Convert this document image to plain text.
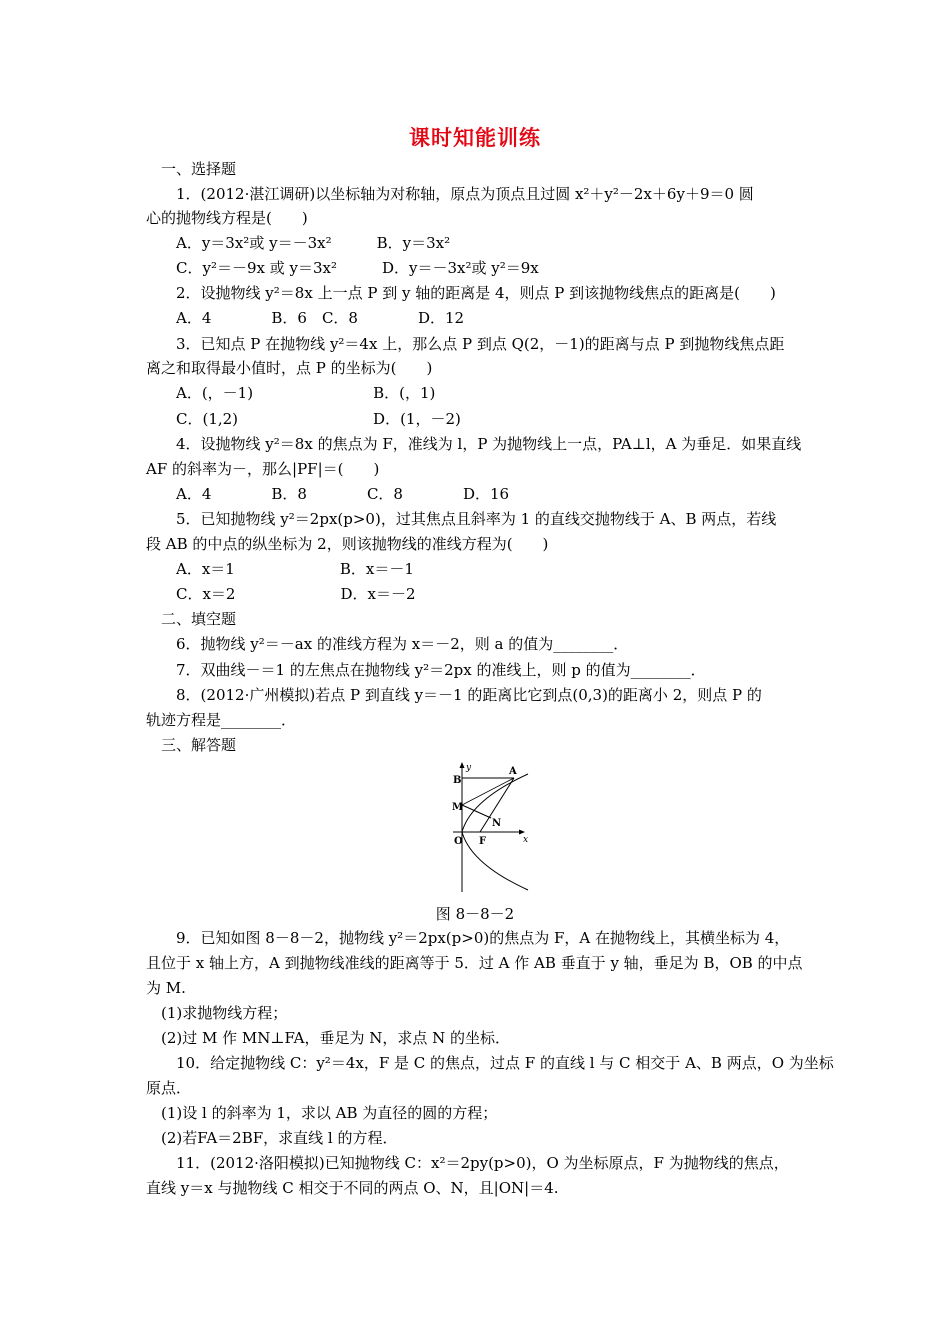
课时知能训练
　一、选择题
　　1．(2012·湛江调研)以坐标轴为对称轴，原点为顶点且过圆 x²＋y²－2x＋6y＋9＝0 圆
心的抛物线方程是(　　)
A．y＝3x²或 y＝－3x²　　　B．y＝3x²
C．y²＝－9x 或 y＝3x²　　　D．y＝－3x²或 y²＝9x
　　2．设抛物线 y²＝8x 上一点 P 到 y 轴的距离是 4，则点 P 到该抛物线焦点的距离是(　　)
A．4　　　　B．6　C．8　　　　D．12
　　3．已知点 P 在抛物线 y²＝4x 上，那么点 P 到点 Q(2，－1)的距离与点 P 到抛物线焦点距
离之和取得最小值时，点 P 的坐标为(　　)
A．(，－1)　　　　　　　　B．(，1)
C．(1,2)　　　　　　　　　D．(1，－2)
　　4．设抛物线 y²＝8x 的焦点为 F，准线为 l，P 为抛物线上一点，PA⊥l，A 为垂足．如果直线
AF 的斜率为－，那么|PF|＝(　　)
A．4　　　　B．8　　　　C．8　　　　D．16
　　5．已知抛物线 y²＝2px(p>0)，过其焦点且斜率为 1 的直线交抛物线于 A、B 两点，若线
段 AB 的中点的纵坐标为 2，则该抛物线的准线方程为(　　)
A．x＝1　　　　　　　B．x＝－1
C．x＝2　　　　　　　D．x＝－2
　二、填空题
　　6．抛物线 y²＝－ax 的准线方程为 x＝－2，则 a 的值为________．
　　7．双曲线－＝1 的左焦点在抛物线 y²＝2px 的准线上，则 p 的值为________．
　　8．(2012·广州模拟)若点 P 到直线 y＝－1 的距离比它到点(0,3)的距离小 2，则点 P 的
轨迹方程是________．
　三、解答题
　　9．已知如图 8－8－2，抛物线 y²＝2px(p>0)的焦点为 F，A 在抛物线上，其横坐标为 4，
且位于 x 轴上方，A 到抛物线准线的距离等于 5．过 A 作 AB 垂直于 y 轴，垂足为 B，OB 的中点
为 M.
　(1)求抛物线方程；
　(2)过 M 作 MN⊥FA，垂足为 N，求点 N 的坐标．
　　10．给定抛物线 C：y²＝4x，F 是 C 的焦点，过点 F 的直线 l 与 C 相交于 A、B 两点，O 为坐标
原点．
　(1)设 l 的斜率为 1，求以 AB 为直径的圆的方程；
　(2)若FA＝2BF，求直线 l 的方程．
　　11．(2012·洛阳模拟)已知抛物线 C：x²＝2py(p>0)，O 为坐标原点，F 为抛物线的焦点，
直线 y＝x 与抛物线 C 相交于不同的两点 O、N，且|ON|＝4.
y
x
A
B
M
N
O F
图 8－8－2
